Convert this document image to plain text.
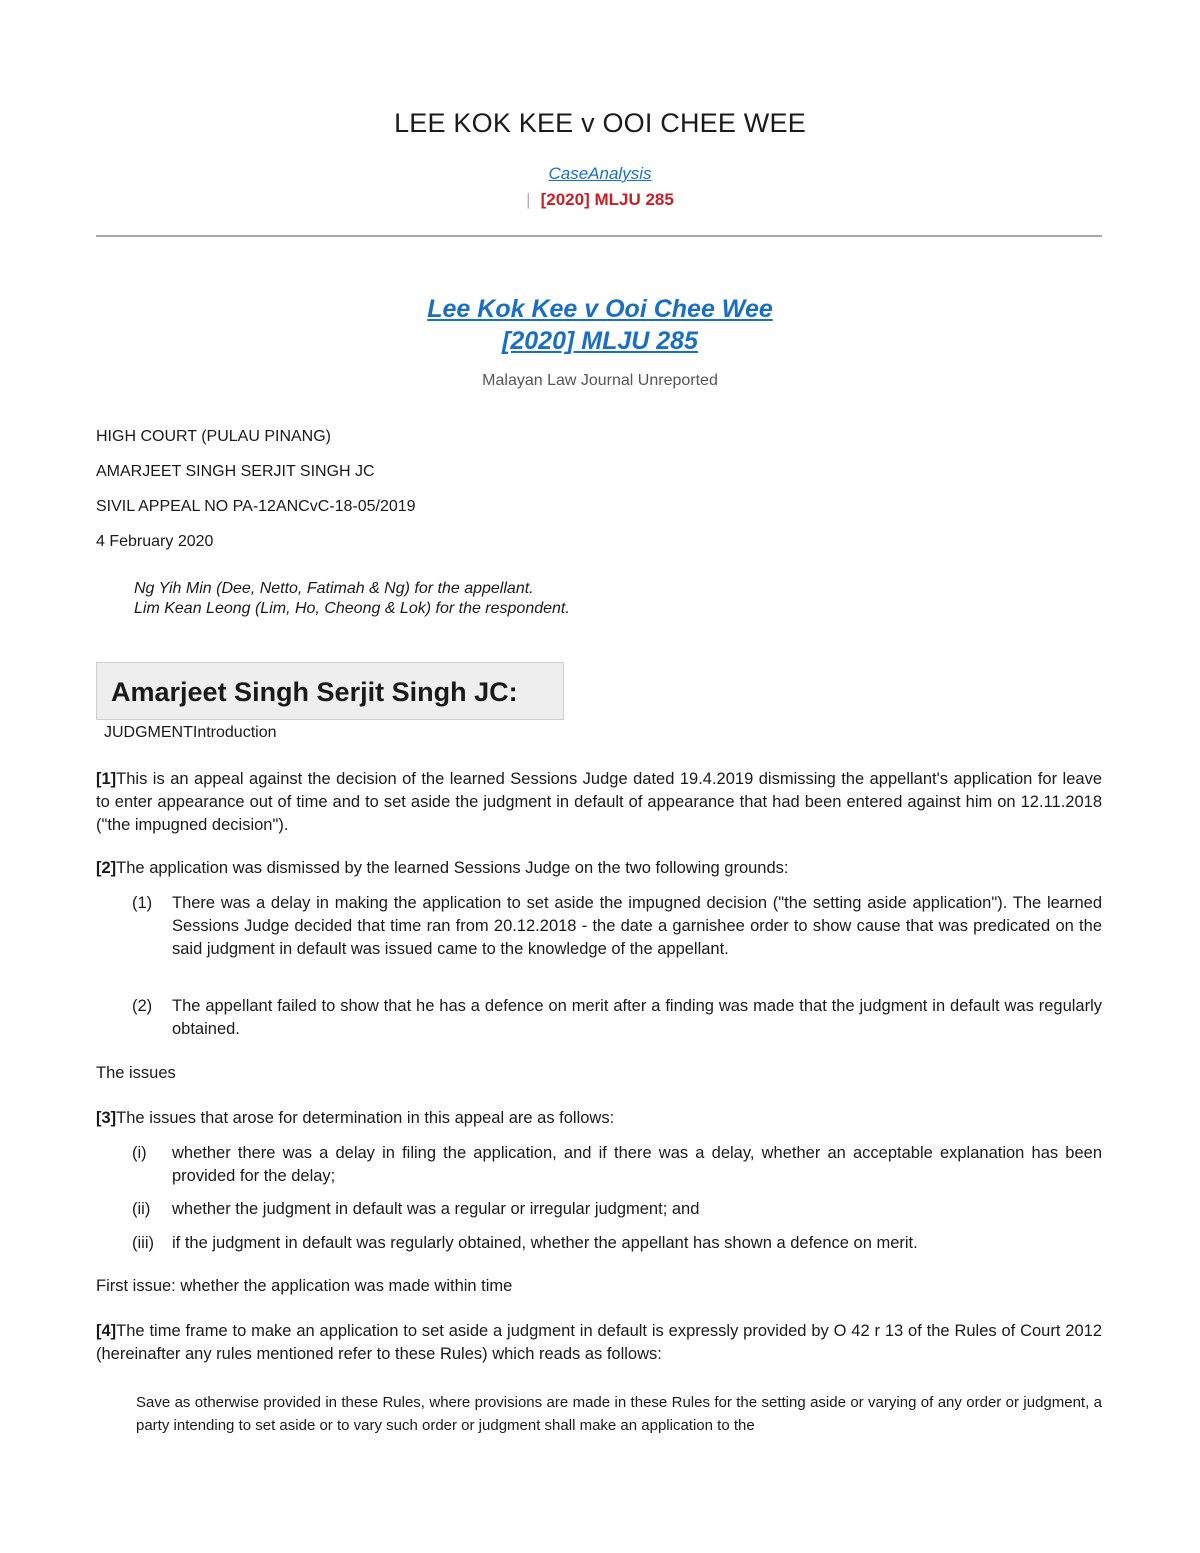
LEE KOK KEE v OOI CHEE WEE
CaseAnalysis
| [2020] MLJU 285
Lee Kok Kee v Ooi Chee Wee
[2020] MLJU 285
Malayan Law Journal Unreported
HIGH COURT (PULAU PINANG)
AMARJEET SINGH SERJIT SINGH JC
SIVIL APPEAL NO PA-12ANCvC-18-05/2019
4 February 2020
Ng Yih Min (Dee, Netto, Fatimah & Ng) for the appellant.
Lim Kean Leong (Lim, Ho, Cheong & Lok) for the respondent.
Amarjeet Singh Serjit Singh JC:
JUDGMENTIntroduction

[1]This is an appeal against the decision of the learned Sessions Judge dated 19.4.2019 dismissing the appellant's application for leave to enter appearance out of time and to set aside the judgment in default of appearance that had been entered against him on 12.11.2018 ("the impugned decision").

[2]The application was dismissed by the learned Sessions Judge on the two following grounds:

(1) There was a delay in making the application to set aside the impugned decision ("the setting aside application"). The learned Sessions Judge decided that time ran from 20.12.2018 - the date a garnishee order to show cause that was predicated on the said judgment in default was issued came to the knowledge of the appellant.
(2) The appellant failed to show that he has a defence on merit after a finding was made that the judgment in default was regularly obtained.
The issues

[3]The issues that arose for determination in this appeal are as follows:

(i) whether there was a delay in filing the application, and if there was a delay, whether an acceptable explanation has been provided for the delay;
(ii) whether the judgment in default was a regular or irregular judgment; and
(iii) if the judgment in default was regularly obtained, whether the appellant has shown a defence on merit.
First issue: whether the application was made within time

[4]The time frame to make an application to set aside a judgment in default is expressly provided by O 42 r 13 of the Rules of Court 2012 (hereinafter any rules mentioned refer to these Rules) which reads as follows:

Save as otherwise provided in these Rules, where provisions are made in these Rules for the setting aside or varying of any order or judgment, a party intending to set aside or to vary such order or judgment shall make an application to the
